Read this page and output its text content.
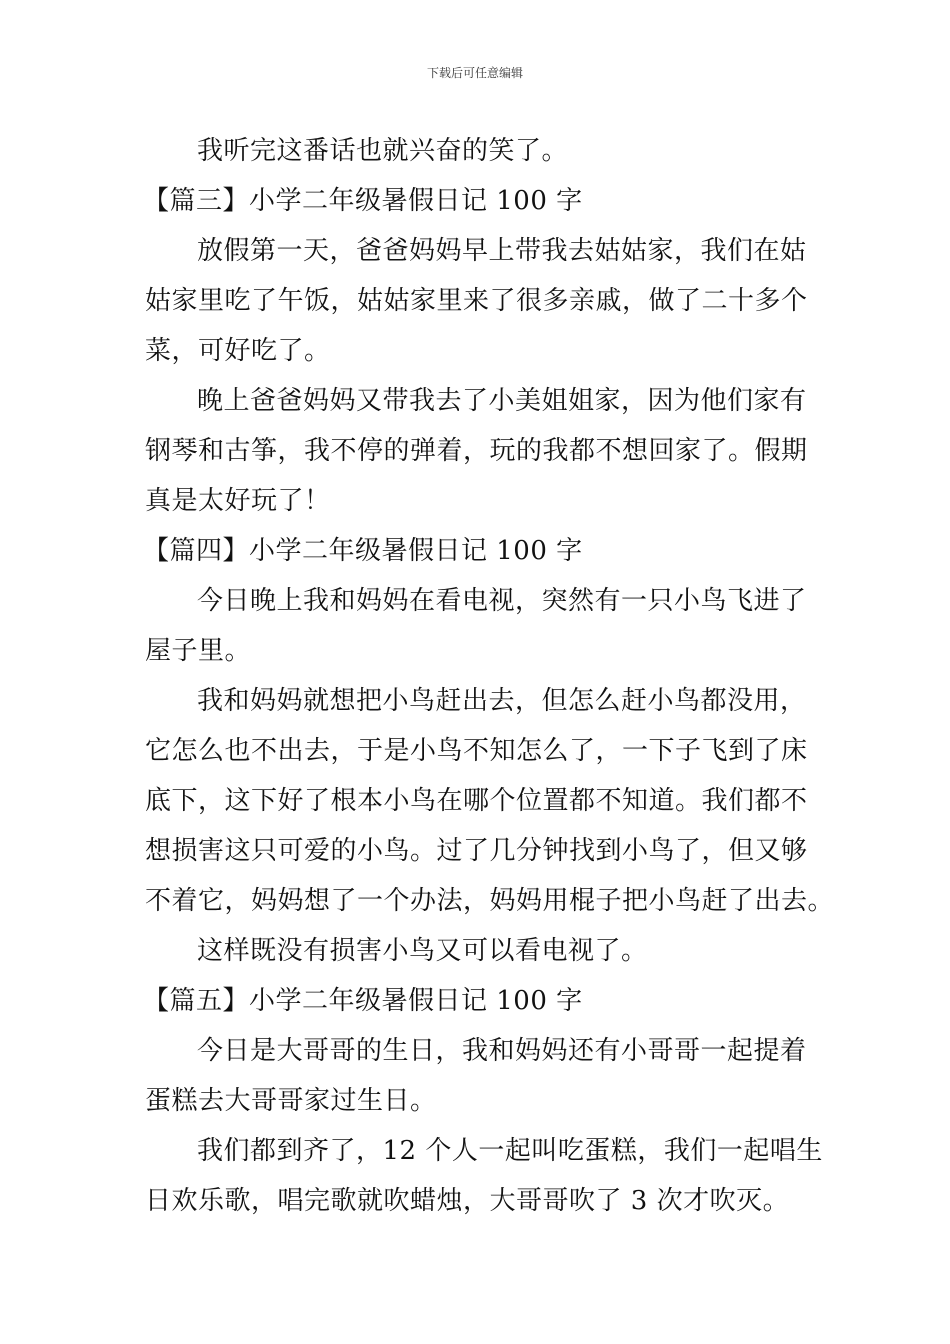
下载后可任意编辑
我听完这番话也就兴奋的笑了。
【篇三】小学二年级暑假日记 100 字
放假第一天，爸爸妈妈早上带我去姑姑家，我们在姑
姑家里吃了午饭，姑姑家里来了很多亲戚，做了二十多个
菜，可好吃了。
晚上爸爸妈妈又带我去了小美姐姐家，因为他们家有
钢琴和古筝，我不停的弹着，玩的我都不想回家了。假期
真是太好玩了！
【篇四】小学二年级暑假日记 100 字
今日晚上我和妈妈在看电视，突然有一只小鸟飞进了
屋子里。
我和妈妈就想把小鸟赶出去，但怎么赶小鸟都没用，
它怎么也不出去，于是小鸟不知怎么了，一下子飞到了床
底下，这下好了根本小鸟在哪个位置都不知道。我们都不
想损害这只可爱的小鸟。过了几分钟找到小鸟了，但又够
不着它，妈妈想了一个办法，妈妈用棍子把小鸟赶了出去。
这样既没有损害小鸟又可以看电视了。
【篇五】小学二年级暑假日记 100 字
今日是大哥哥的生日，我和妈妈还有小哥哥一起提着
蛋糕去大哥哥家过生日。
我们都到齐了，12 个人一起叫吃蛋糕，我们一起唱生
日欢乐歌，唱完歌就吹蜡烛，大哥哥吹了 3 次才吹灭。
